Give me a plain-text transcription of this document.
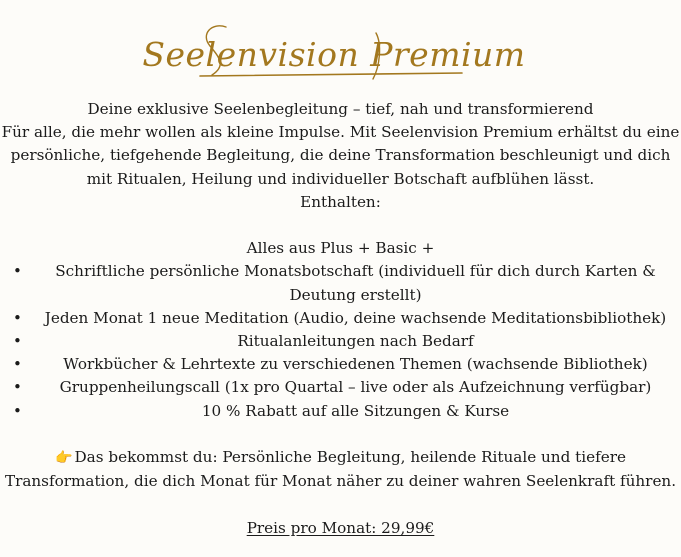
Seelenvision Premium

Deine exklusive Seelenbegleitung – tief, nah und transformierend

Für alle, die mehr wollen als kleine Impulse. Mit Seelenvision Premium erhältst du eine persönliche, tiefgehende Begleitung, die deine Transformation beschleunigt und dich mit Ritualen, Heilung und individueller Botschaft aufblühen lässt.

Enthalten:

Alles aus Plus + Basic +

• Schriftliche persönliche Monatsbotschaft (individuell für dich durch Karten & Deutung erstellt)
• Jeden Monat 1 neue Meditation (Audio, deine wachsende Meditationsbibliothek)
•	Ritualanleitungen nach Bedarf
•	Workbücher & Lehrtexte zu verschiedenen Themen (wachsende Bibliothek)
• Gruppenheilungscall (1x pro Quartal – live oder als Aufzeichnung verfügbar)
•	10 % Rabatt auf alle Sitzungen & Kurse

👉 Das bekommst du: Persönliche Begleitung, heilende Rituale und tiefere Transformation, die dich Monat für Monat näher zu deiner wahren Seelenkraft führen.

Preis pro Monat: 29,99€
